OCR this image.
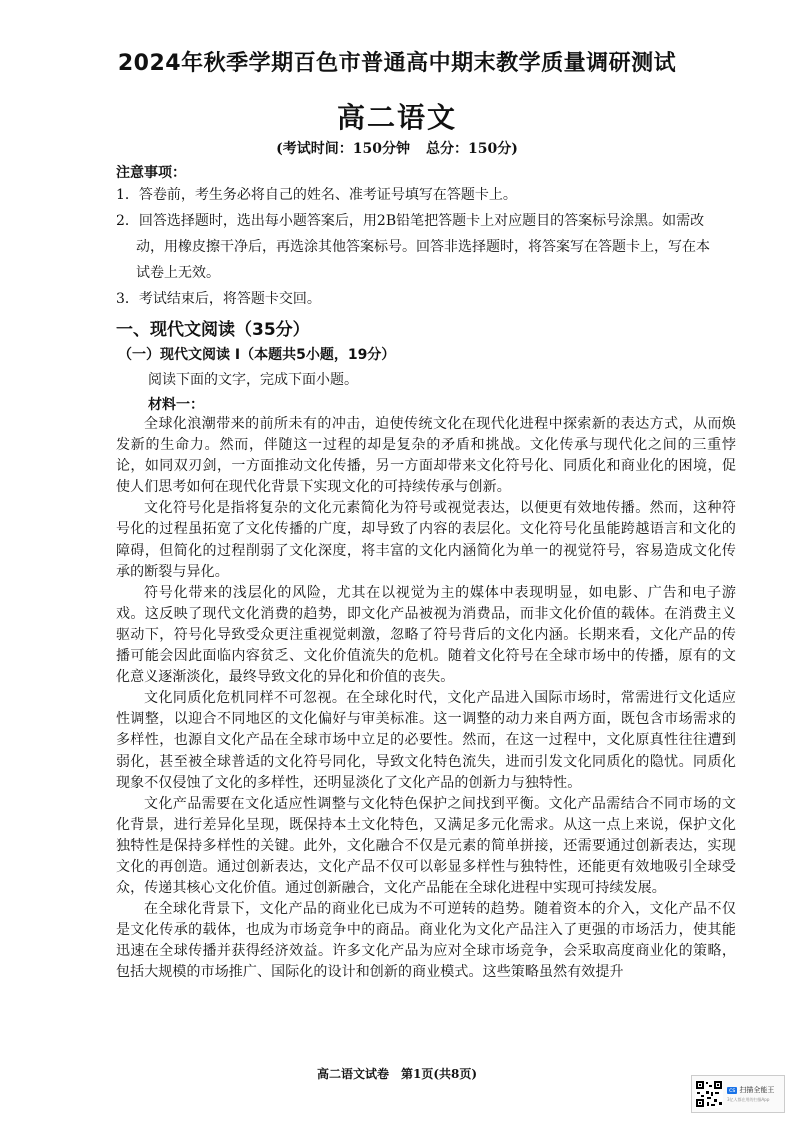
2024年秋季学期百色市普通高中期末教学质量调研测试
高二语文
(考试时间：150分钟 总分：150分)
注意事项：
1．答卷前，考生务必将自己的姓名、准考证号填写在答题卡上。
2．回答选择题时，选出每小题答案后，用2B铅笔把答题卡上对应题目的答案标号涂黑。如需改动，用橡皮擦干净后，再选涂其他答案标号。回答非选择题时，将答案写在答题卡上，写在本试卷上无效。
3．考试结束后，将答题卡交回。
一、现代文阅读（35分）
（一）现代文阅读 I（本题共5小题，19分）
阅读下面的文字，完成下面小题。
材料一：

全球化浪潮带来的前所未有的冲击，迫使传统文化在现代化进程中探索新的表达方式，从而焕发新的生命力。然而，伴随这一过程的却是复杂的矛盾和挑战。文化传承与现代化之间的三重悖论，如同双刃剑，一方面推动文化传播，另一方面却带来文化符号化、同质化和商业化的困境，促使人们思考如何在现代化背景下实现文化的可持续传承与创新。

文化符号化是指将复杂的文化元素简化为符号或视觉表达，以便更有效地传播。然而，这种符号化的过程虽拓宽了文化传播的广度，却导致了内容的表层化。文化符号化虽能跨越语言和文化的障碍，但简化的过程削弱了文化深度，将丰富的文化内涵简化为单一的视觉符号，容易造成文化传承的断裂与异化。

符号化带来的浅层化的风险，尤其在以视觉为主的媒体中表现明显，如电影、广告和电子游戏。这反映了现代文化消费的趋势，即文化产品被视为消费品，而非文化价值的载体。在消费主义驱动下，符号化导致受众更注重视觉刺激，忽略了符号背后的文化内涵。长期来看，文化产品的传播可能会因此面临内容贫乏、文化价值流失的危机。随着文化符号在全球市场中的传播，原有的文化意义逐渐淡化，最终导致文化的异化和价值的丧失。

文化同质化危机同样不可忽视。在全球化时代，文化产品进入国际市场时，常需进行文化适应性调整，以迎合不同地区的文化偏好与审美标准。这一调整的动力来自两方面，既包含市场需求的多样性，也源自文化产品在全球市场中立足的必要性。然而，在这一过程中，文化原真性往往遭到弱化，甚至被全球普适的文化符号同化，导致文化特色流失，进而引发文化同质化的隐忧。同质化现象不仅侵蚀了文化的多样性，还明显淡化了文化产品的创新力与独特性。

文化产品需要在文化适应性调整与文化特色保护之间找到平衡。文化产品需结合不同市场的文化背景，进行差异化呈现，既保持本土文化特色，又满足多元化需求。从这一点上来说，保护文化独特性是保持多样性的关键。此外，文化融合不仅是元素的简单拼接，还需要通过创新表达，实现文化的再创造。通过创新表达，文化产品不仅可以彰显多样性与独特性，还能更有效地吸引全球受众，传递其核心文化价值。通过创新融合，文化产品能在全球化进程中实现可持续发展。

在全球化背景下，文化产品的商业化已成为不可逆转的趋势。随着资本的介入，文化产品不仅是文化传承的载体，也成为市场竞争中的商品。商业化为文化产品注入了更强的市场活力，使其能迅速在全球传播并获得经济效益。许多文化产品为应对全球市场竞争，会采取高度商业化的策略，包括大规模的市场推广、国际化的设计和创新的商业模式。这些策略虽然有效提升

高二语文试卷　第1页(共8页)
cs 扫描全能王
3亿人都在用的扫描App
